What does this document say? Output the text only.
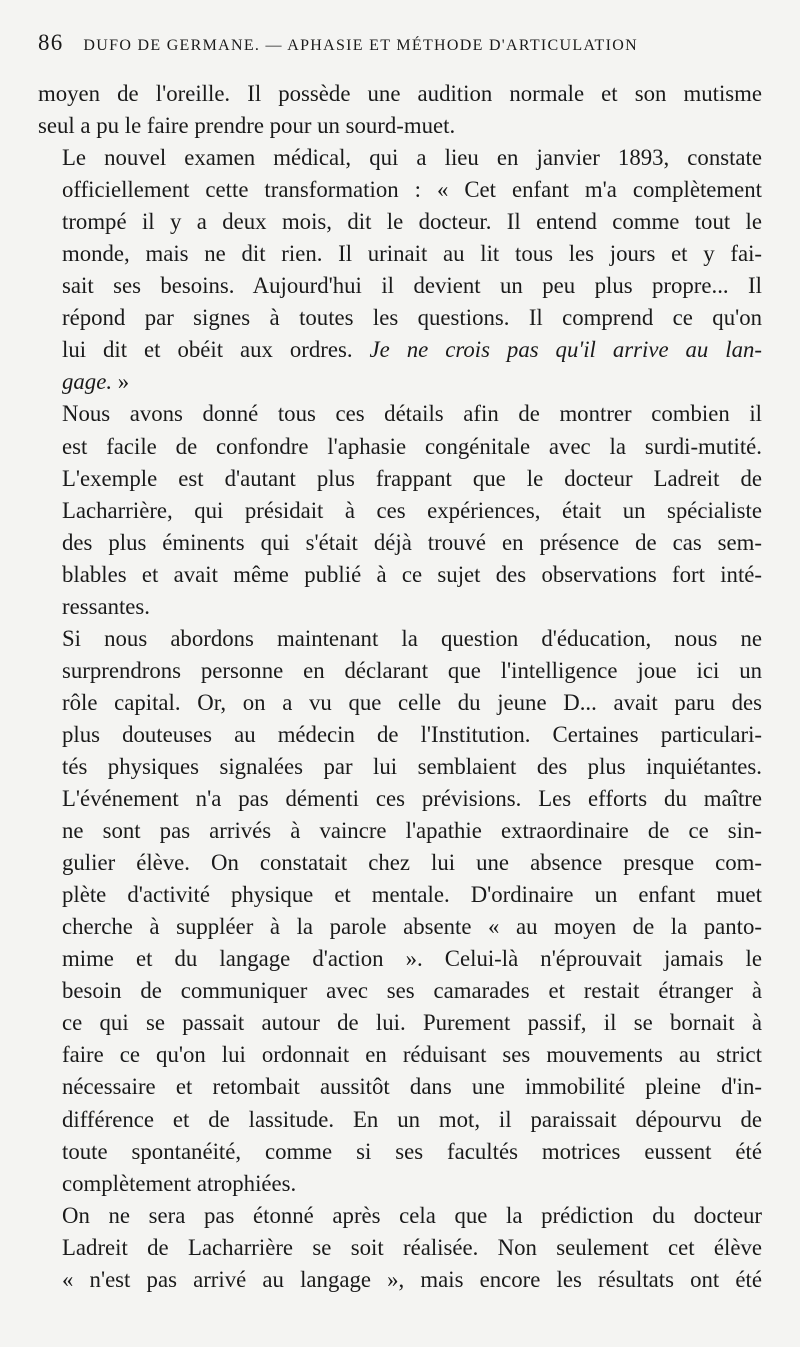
86 DUFO DE GERMANE. — APHASIE ET MÉTHODE D'ARTICULATION

moyen de l'oreille. Il possède une audition normale et son mutisme
seul a pu le faire prendre pour un sourd-muet.

Le nouvel examen médical, qui a lieu en janvier 1893, constate
officiellement cette transformation : « Cet enfant m'a complètement
trompé il y a deux mois, dit le docteur. Il entend comme tout le
monde, mais ne dit rien. Il urinait au lit tous les jours et y fai-
sait ses besoins. Aujourd'hui il devient un peu plus propre... Il
répond par signes à toutes les questions. Il comprend ce qu'on
lui dit et obéit aux ordres. Je ne crois pas qu'il arrive au lan-
gage. »

Nous avons donné tous ces détails afin de montrer combien il
est facile de confondre l'aphasie congénitale avec la surdi-mutité.
L'exemple est d'autant plus frappant que le docteur Ladreit de
Lacharrière, qui présidait à ces expériences, était un spécialiste
des plus éminents qui s'était déjà trouvé en présence de cas sem-
blables et avait même publié à ce sujet des observations fort inté-
ressantes.

Si nous abordons maintenant la question d'éducation, nous ne
surprendrons personne en déclarant que l'intelligence joue ici un
rôle capital. Or, on a vu que celle du jeune D... avait paru des
plus douteuses au médecin de l'Institution. Certaines particulari-
tés physiques signalées par lui semblaient des plus inquiétantes.
L'événement n'a pas démenti ces prévisions. Les efforts du maître
ne sont pas arrivés à vaincre l'apathie extraordinaire de ce sin-
gulier élève. On constatait chez lui une absence presque com-
plète d'activité physique et mentale. D'ordinaire un enfant muet
cherche à suppléer à la parole absente « au moyen de la panto-
mime et du langage d'action ». Celui-là n'éprouvait jamais le
besoin de communiquer avec ses camarades et restait étranger à
ce qui se passait autour de lui. Purement passif, il se bornait à
faire ce qu'on lui ordonnait en réduisant ses mouvements au strict
nécessaire et retombait aussitôt dans une immobilité pleine d'in-
différence et de lassitude. En un mot, il paraissait dépourvu de
toute spontanéité, comme si ses facultés motrices eussent été
complètement atrophiées.

On ne sera pas étonné après cela que la prédiction du docteur
Ladreit de Lacharrière se soit réalisée. Non seulement cet élève
« n'est pas arrivé au langage », mais encore les résultats ont été
